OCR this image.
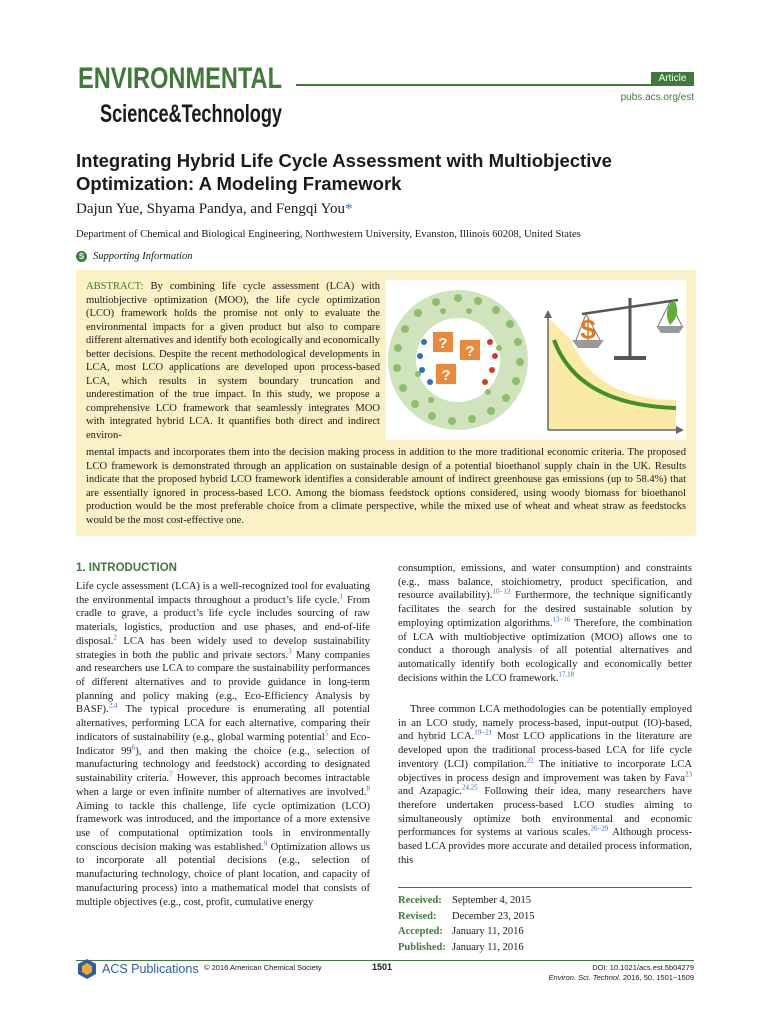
ENVIRONMENTAL
Science&Technology
Article
pubs.acs.org/est
Integrating Hybrid Life Cycle Assessment with Multiobjective Optimization: A Modeling Framework
Dajun Yue, Shyama Pandya, and Fengqi You*
Department of Chemical and Biological Engineering, Northwestern University, Evanston, Illinois 60208, United States
S Supporting Information

ABSTRACT: By combining life cycle assessment (LCA) with multiobjective optimization (MOO), the life cycle optimization (LCO) framework holds the promise not only to evaluate the environmental impacts for a given product but also to compare different alternatives and identify both ecologically and economically better decisions. Despite the recent methodological developments in LCA, most LCO applications are developed upon process-based LCA, which results in system boundary truncation and underestimation of the true impact. In this study, we propose a comprehensive LCO framework that seamlessly integrates MOO with integrated hybrid LCA. It quantifies both direct and indirect environ-

mental impacts and incorporates them into the decision making process in addition to the more traditional economic criteria. The proposed LCO framework is demonstrated through an application on sustainable design of a potential bioethanol supply chain in the UK. Results indicate that the proposed hybrid LCO framework identifies a considerable amount of indirect greenhouse gas emissions (up to 58.4%) that are essentially ignored in process-based LCO. Among the biomass feedstock options considered, using woody biomass for bioethanol production would be the most preferable choice from a climate perspective, while the mixed use of wheat and wheat straw as feedstocks would be the most cost-effective one.

? ?
?
$
1. INTRODUCTION

Life cycle assessment (LCA) is a well-recognized tool for evaluating the environmental impacts throughout a product’s life cycle.$^1$ From cradle to grave, a product’s life cycle includes sourcing of raw materials, logistics, production and use phases, and end-of-life disposal.$^2$ LCA has been widely used to develop sustainability strategies in both the public and private sectors.$^3$ Many companies and researchers use LCA to compare the sustainability performances of different alternatives and to provide guidance in long-term planning and policy making (e.g., Eco-Efficiency Analysis by BASF).$^{2,4}$ The typical procedure is enumerating all potential alternatives, performing LCA for each alternative, comparing their indicators of sustainability (e.g., global warming potential$^5$ and Eco-Indicator $99^6$), and then making the choice (e.g., selection of manufacturing technology and feedstock) according to designated sustainability criteria.$^7$ However, this approach becomes intractable when a large or even infinite number of alternatives are involved.$^8$ Aiming to tackle this challenge, life cycle optimization (LCO) framework was introduced, and the importance of a more extensive use of computational optimization tools in environmentally conscious decision making was established.$^9$ Optimization allows us to incorporate all potential decisions (e.g., selection of manufacturing technology, choice of plant location, and capacity of manufacturing process) into a mathematical model that consists of multiple objectives (e.g., cost, profit, cumulative energy

consumption, emissions, and water consumption) and constraints (e.g., mass balance, stoichiometry, product specification, and resource availability).$^{10-12}$ Furthermore, the technique significantly facilitates the search for the desired sustainable solution by employing optimization algorithms.$^{13-16}$ Therefore, the combination of LCA with multiobjective optimization (MOO) allows one to conduct a thorough analysis of all potential alternatives and automatically identify both ecologically and economically better decisions within the LCO framework.$^{17,18}$

Three common LCA methodologies can be potentially employed in an LCO study, namely process-based, input-output (IO)-based, and hybrid LCA.$^{19-21}$ Most LCO applications in the literature are developed upon the traditional process-based LCA for life cycle inventory (LCI) compilation.$^{22}$ The initiative to incorporate LCA objectives in process design and improvement was taken by Fava$^{23}$ and Azapagic.$^{24,25}$ Following their idea, many researchers have therefore undertaken process-based LCO studies aiming to simultaneously optimize both environmental and economic performances for systems at various scales.$^{26-29}$ Although process-based LCA provides more accurate and detailed process information, this

Received: September 4, 2015
Revised:	December 23, 2015
Accepted: January 11, 2016
Published: January 11, 2016
ACS Publications © 2016 American Chemical Society	1501	DOI: 10.1021/acs.est.5b04279
Environ. Sci. Technol. 2016, 50, 1501−1509
